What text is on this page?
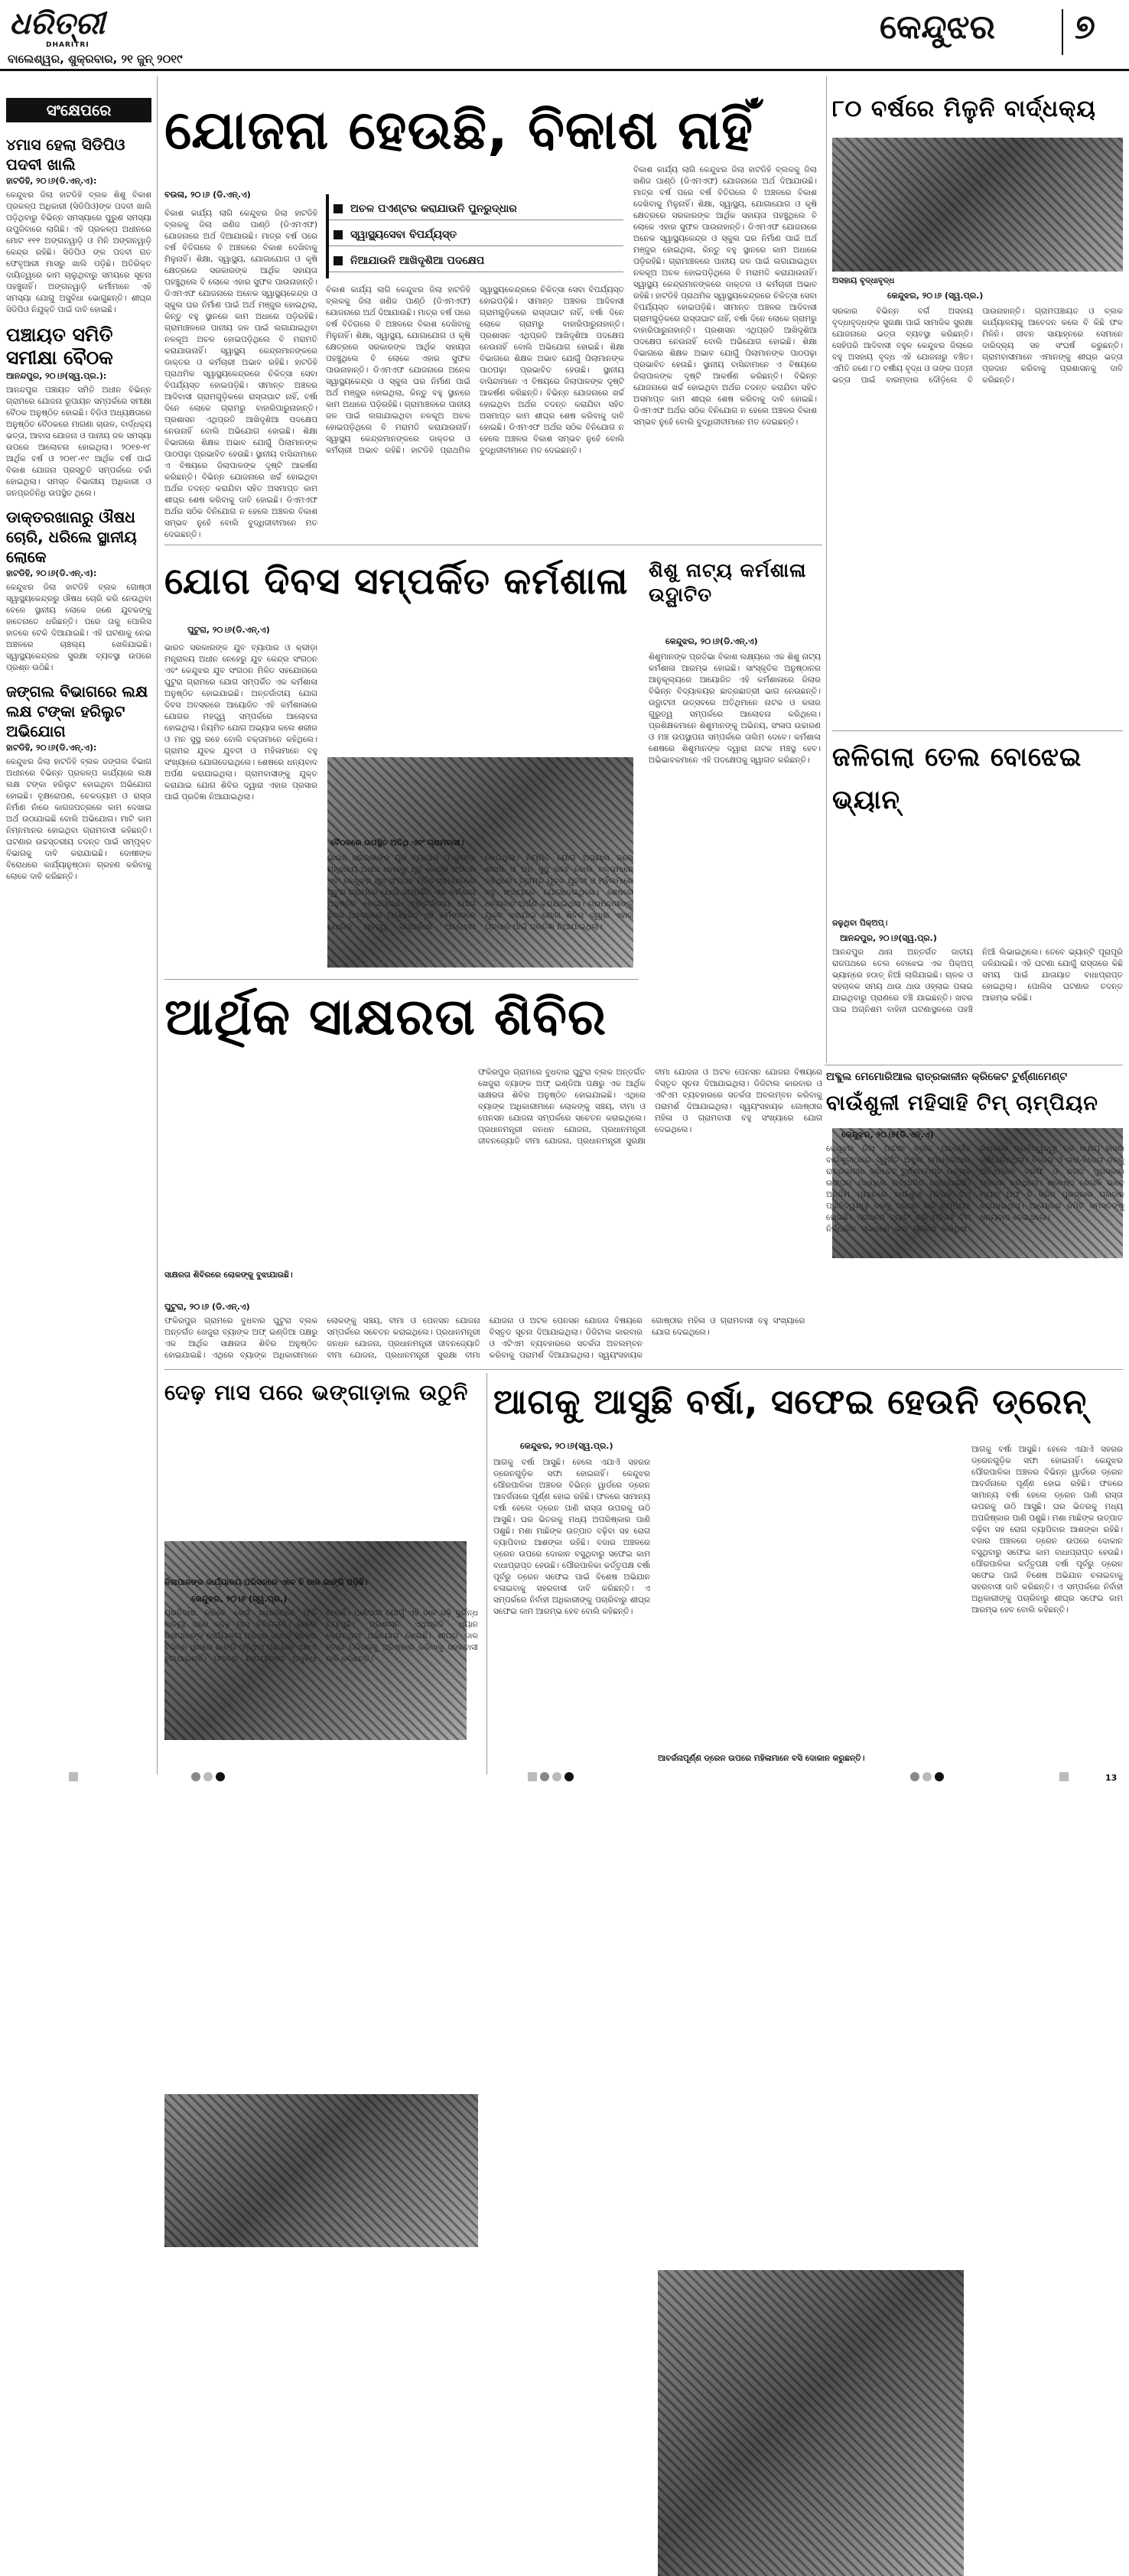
ଧରିତ୍ରୀ
DHARITRI
ବାଲେଶ୍ୱର, ଶୁକ୍ରବାର, ୨୧ ଜୁନ୍ ୨୦୧୯
କେନ୍ଦୁଝର ୭
ସଂକ୍ଷେପରେ
୪ମାସ ହେଲା ସିଡିପିଓ ପଦବୀ ଖାଲି
ହାଟଡିହି, ୨୦।୬(ଡି.ଏନ୍.ଏ):

କେନ୍ଦୁଝର ଜିଲା ହାଟଡିହି ବ୍ଲକ ଶିଶୁ ବିକାଶ ପ୍ରକଳ୍ପ ଅଧିକାରୀ (ସିଡିପିଓ)ଙ୍କ ପଦବୀ ଖାଲି ପଡ଼ିଥିବାରୁ ବିଭିନ୍ନ ସମସ୍ୟାରେ ପୁରୁଣ ସମସ୍ୟା ଉପୁଜିବାରେ ଲାଗିଛି। ଏହି ପ୍ରକଳ୍ପ ଅଧୀନରେ ମୋଟ ୧୧୧ ଅଙ୍ଗନୱାଡ଼ି ଓ ମିନି ଅଙ୍ଗନୱାଡ଼ି କେନ୍ଦ୍ର ରହିଛି। ସିଡିପିଓ ଙ୍କ ପଦବୀ ଗତ ଫେବୃଆରୀ ମାସରୁ ଖାଲି ପଡ଼ିଛି। ଅତିରିକ୍ତ ଦାୟିତ୍ୱରେ କାମ ଚାଲୁଥିବାରୁ ସମୟରେ ସୂଚନା ପହଞ୍ଚୁନାହିଁ। ଅଙ୍ଗନୱାଡ଼ି କର୍ମୀମାନେ ଏହି ସମସ୍ୟା ଯୋଗୁ ଅସୁବିଧା ଭୋଗୁଛନ୍ତି। ଶୀଘ୍ର ସିଡିପିଓ ନିଯୁକ୍ତି ପାଇଁ ଦାବି ହୋଇଛି।

ପଞ୍ଚାୟତ ସମିତି ସମୀକ୍ଷା ବୈଠକ
ଆନନ୍ଦପୁର, ୨୦।୬(ସ୍ୱ.ପ୍ର.):

ଆନନ୍ଦପୁର ପଞ୍ଚାୟତ ସମିତି ଅଧୀନ ବିଭିନ୍ନ ଗ୍ରାମରେ ଯୋଜନା ରୂପାୟନ ସମ୍ପର୍କରେ ସମୀକ୍ଷା ବୈଠକ ଅନୁଷ୍ଠିତ ହୋଇଛି। ବିଡିଓ ଅଧ୍ୟକ୍ଷତାରେ ଅନୁଷ୍ଠିତ ବୈଠକରେ ମାଗଣା ଚାଉଳ, ବାର୍ଦ୍ଧକ୍ୟ ଭତ୍ତା, ଆବାସ ଯୋଜନା ଓ ପାନୀୟ ଜଳ ସମସ୍ୟା ଉପରେ ଆଲୋଚନା ହୋଇଥିଲା। ୨୦୧୭-୧୮ ଆର୍ଥିକ ବର୍ଷ ଓ ୨୦୧୮-୧୯ ଆର୍ଥିକ ବର୍ଷ ପାଇଁ ବିକାଶ ଯୋଜନା ପ୍ରସ୍ତୁତି ସମ୍ପର୍କରେ ଚର୍ଚ୍ଚା ହୋଇଥିଲା। ସମସ୍ତ ବିଭାଗୀୟ ଅଧିକାରୀ ଓ ଜନପ୍ରତିନିଧି ଉପସ୍ଥିତ ଥିଲେ।

ଡାକ୍ତରଖାନାରୁ ଔଷଧ ଚୋରି, ଧରିଲେ ସ୍ଥାନୀୟ ଲୋକେ
ହାଟଡିହି, ୨୦।୬(ଡି.ଏନ୍.ଏ):

କେନ୍ଦୁଝର ଜିଲା ହାଟଡିହି ବ୍ଲକ ଗୋଷ୍ଠୀ ସ୍ୱାସ୍ଥ୍ୟକେନ୍ଦ୍ରରୁ ଔଷଧ ଚୋରି କରି ନେଉଥିବା ବେଳେ ସ୍ଥାନୀୟ ଲୋକେ ଜଣେ ଯୁବକଙ୍କୁ ହାତେନାତେ ଧରିଛନ୍ତି। ପରେ ତାକୁ ପୋଲିସ ହାତରେ ଟେକି ଦିଆଯାଇଛି। ଏହି ଘଟଣାକୁ ନେଇ ଅଞ୍ଚଳରେ ଚାଞ୍ଚଲ୍ୟ ଖେଳିଯାଇଛି। ସ୍ୱାସ୍ଥ୍ୟକେନ୍ଦ୍ରର ସୁରକ୍ଷା ବ୍ୟବସ୍ଥା ଉପରେ ପ୍ରଶ୍ନ ଉଠିଛି।

ଜଙ୍ଗଲ ବିଭାଗରେ ଲକ୍ଷ ଲକ୍ଷ ଟଙ୍କା ହରିଲୁଟ ଅଭିଯୋଗ
ହାଟଡିହି, ୨୦।୬(ଡି.ଏନ୍.ଏ):

କେନ୍ଦୁଝର ଜିଲା ହାଟଡିହି ବ୍ଲକ ଜଙ୍ଗଲ ବିଭାଗ ଅଧୀନରେ ବିଭିନ୍ନ ପ୍ରକଳ୍ପ କାର୍ଯ୍ୟରେ ଲକ୍ଷ ଲକ୍ଷ ଟଙ୍କା ହରିଲୁଟ ହୋଇଥିବା ଅଭିଯୋଗ ହୋଇଛି। ବୃକ୍ଷରୋପଣ, ଚେକଡ୍ୟାମ ଓ ରାସ୍ତା ନିର୍ମାଣ ନାଁରେ କାଗଜପତ୍ରରେ କାମ ଦେଖାଇ ଅର୍ଥ ଉଠାଯାଇଛି ବୋଲି ଅଭିଯୋଗ। ମାଟି କାମ ନିମ୍ନମାନର ହୋଇଥିବା ଗ୍ରାମବାସୀ କହିଛନ୍ତି। ଘଟଣାର ଉଚ୍ଚସ୍ତରୀୟ ତଦନ୍ତ ପାଇଁ ସମ୍ପୃକ୍ତ ବିଭାଗକୁ ଦାବି କରାଯାଇଛି। ଦୋଷୀଙ୍କ ବିରୋଧରେ କାର୍ଯ୍ୟାନୁଷ୍ଠାନ ଗ୍ରହଣ କରିବାକୁ ଲୋକେ ଦାବି କରିଛନ୍ତି।

ଯୋଜନା ହେଉଛି, ବିକାଶ ନାହିଁ
ବଉଳା, ୨୦।୬ (ଡି.ଏନ୍.ଏ)
ଅଚଳ ପଏଣ୍ଟର କରାଯାଉନି ପୁନରୁଦ୍ଧାର
ସ୍ୱାସ୍ଥ୍ୟସେବା ବିପର୍ଯ୍ୟସ୍ତ
ନିଆଯାଉନି ଆଖିଦୃଶିଆ ପଦକ୍ଷେପ
ବିକାଶ କାର୍ଯ୍ୟ ଲାଗି କେନ୍ଦୁଝର ଜିଲା ହାଟଡିହି ବ୍ଲକକୁ ଜିଲା ଖଣିଜ ପାଣ୍ଠି (ଡିଏମଏଫ) ଯୋଜନାରେ ଅର୍ଥ ଦିଆଯାଉଛି। ମାତ୍ର ବର୍ଷ ପରେ ବର୍ଷ ବିତିଗଲେ ବି ଅଞ୍ଚଳରେ ବିକାଶ ଦେଖିବାକୁ ମିଳୁନାହିଁ। ଶିକ୍ଷା, ସ୍ୱାସ୍ଥ୍ୟ, ଯୋଗାଯୋଗ ଓ କୃଷି କ୍ଷେତ୍ରରେ ସରକାରଙ୍କ ଆର୍ଥିକ ସହାୟତା ପହଞ୍ଚୁଥିଲେ ବି ଲୋକେ ଏହାର ସୁଫଳ ପାଉନାହାନ୍ତି। ଡିଏମଏଫ ଯୋଜନାରେ ଅନେକ ସ୍ୱାସ୍ଥ୍ୟକେନ୍ଦ୍ର ଓ ସ୍କୁଲ ଘର ନିର୍ମାଣ ପାଇଁ ଅର୍ଥ ମଞ୍ଜୁର ହୋଇଥିଲା, କିନ୍ତୁ ବହୁ ସ୍ଥାନରେ କାମ ଅଧାରେ ପଡ଼ିରହିଛି। ଗ୍ରାମାଞ୍ଚଳରେ ପାନୀୟ ଜଳ ପାଇଁ ଲଗାଯାଇଥିବା ନଳକୂଅ ଅଚଳ ହୋଇପଡ଼ିଥିଲେ ବି ମରାମତି କରାଯାଉନାହିଁ। ସ୍ୱାସ୍ଥ୍ୟ କେନ୍ଦ୍ରମାନଙ୍କରେ ଡାକ୍ତର ଓ କର୍ମଚାରୀ ଅଭାବ ରହିଛି। ହାଟଡିହି ପ୍ରାଥମିକ ସ୍ୱାସ୍ଥ୍ୟକେନ୍ଦ୍ରରେ ଚିକିତ୍ସା ସେବା ବିପର୍ଯ୍ୟସ୍ତ ହୋଇପଡ଼ିଛି। ସୀମାନ୍ତ ଅଞ୍ଚଳର ଆଦିବାସୀ ଗ୍ରାମଗୁଡ଼ିକରେ ରାସ୍ତାଘାଟ ନାହିଁ, ବର୍ଷା ଦିନେ ଲୋକେ ଗ୍ରାମରୁ ବାହାରିପାରୁନାହାନ୍ତି। ପ୍ରଶାସନ ଏଥିପ୍ରତି ଆଖିଦୃଶିଆ ପଦକ୍ଷେପ ନେଉନାହିଁ ବୋଲି ଅଭିଯୋଗ ହୋଇଛି। ଶିକ୍ଷା ବିଭାଗରେ ଶିକ୍ଷକ ଅଭାବ ଯୋଗୁଁ ପିଲାମାନଙ୍କ ପାଠପଢ଼ା ପ୍ରଭାବିତ ହେଉଛି। ସ୍ଥାନୀୟ ବାସିନ୍ଦାମାନେ ଏ ବିଷୟରେ ଜିଲାପାଳଙ୍କ ଦୃଷ୍ଟି ଆକର୍ଷଣ କରିଛନ୍ତି। ବିଭିନ୍ନ ଯୋଜନାରେ ଖର୍ଚ୍ଚ ହୋଇଥିବା ଅର୍ଥର ତଦନ୍ତ କରାଯିବା ସହିତ ଅସମାପ୍ତ କାମ ଶୀଘ୍ର ଶେଷ କରିବାକୁ ଦାବି ହୋଇଛି। ଡିଏମଏଫ ଅର୍ଥର ସଠିକ ବିନିଯୋଗ ନ ହେଲେ ଅଞ୍ଚଳର ବିକାଶ ସମ୍ଭବ ନୁହେଁ ବୋଲି ବୁଦ୍ଧିଜୀବୀମାନେ ମତ ଦେଇଛନ୍ତି।
ବିକାଶ କାର୍ଯ୍ୟ ଲାଗି କେନ୍ଦୁଝର ଜିଲା ହାଟଡିହି ବ୍ଲକକୁ ଜିଲା ଖଣିଜ ପାଣ୍ଠି (ଡିଏମଏଫ) ଯୋଜନାରେ ଅର୍ଥ ଦିଆଯାଉଛି। ମାତ୍ର ବର୍ଷ ପରେ ବର୍ଷ ବିତିଗଲେ ବି ଅଞ୍ଚଳରେ ବିକାଶ ଦେଖିବାକୁ ମିଳୁନାହିଁ। ଶିକ୍ଷା, ସ୍ୱାସ୍ଥ୍ୟ, ଯୋଗାଯୋଗ ଓ କୃଷି କ୍ଷେତ୍ରରେ ସରକାରଙ୍କ ଆର୍ଥିକ ସହାୟତା ପହଞ୍ଚୁଥିଲେ ବି ଲୋକେ ଏହାର ସୁଫଳ ପାଉନାହାନ୍ତି। ଡିଏମଏଫ ଯୋଜନାରେ ଅନେକ ସ୍ୱାସ୍ଥ୍ୟକେନ୍ଦ୍ର ଓ ସ୍କୁଲ ଘର ନିର୍ମାଣ ପାଇଁ ଅର୍ଥ ମଞ୍ଜୁର ହୋଇଥିଲା, କିନ୍ତୁ ବହୁ ସ୍ଥାନରେ କାମ ଅଧାରେ ପଡ଼ିରହିଛି। ଗ୍ରାମାଞ୍ଚଳରେ ପାନୀୟ ଜଳ ପାଇଁ ଲଗାଯାଇଥିବା ନଳକୂଅ ଅଚଳ ହୋଇପଡ଼ିଥିଲେ ବି ମରାମତି କରାଯାଉନାହିଁ। ସ୍ୱାସ୍ଥ୍ୟ କେନ୍ଦ୍ରମାନଙ୍କରେ ଡାକ୍ତର ଓ କର୍ମଚାରୀ ଅଭାବ ରହିଛି। ହାଟଡିହି ପ୍ରାଥମିକ ସ୍ୱାସ୍ଥ୍ୟକେନ୍ଦ୍ରରେ ଚିକିତ୍ସା ସେବା ବିପର୍ଯ୍ୟସ୍ତ ହୋଇପଡ଼ିଛି। ସୀମାନ୍ତ ଅଞ୍ଚଳର ଆଦିବାସୀ ଗ୍ରାମଗୁଡ଼ିକରେ ରାସ୍ତାଘାଟ ନାହିଁ, ବର୍ଷା ଦିନେ ଲୋକେ ଗ୍ରାମରୁ ବାହାରିପାରୁନାହାନ୍ତି। ପ୍ରଶାସନ ଏଥିପ୍ରତି ଆଖିଦୃଶିଆ ପଦକ୍ଷେପ ନେଉନାହିଁ ବୋଲି ଅଭିଯୋଗ ହୋଇଛି। ଶିକ୍ଷା ବିଭାଗରେ ଶିକ୍ଷକ ଅଭାବ ଯୋଗୁଁ ପିଲାମାନଙ୍କ ପାଠପଢ଼ା ପ୍ରଭାବିତ ହେଉଛି। ସ୍ଥାନୀୟ ବାସିନ୍ଦାମାନେ ଏ ବିଷୟରେ ଜିଲାପାଳଙ୍କ ଦୃଷ୍ଟି ଆକର୍ଷଣ କରିଛନ୍ତି। ବିଭିନ୍ନ ଯୋଜନାରେ ଖର୍ଚ୍ଚ ହୋଇଥିବା ଅର୍ଥର ତଦନ୍ତ କରାଯିବା ସହିତ ଅସମାପ୍ତ କାମ ଶୀଘ୍ର ଶେଷ କରିବାକୁ ଦାବି ହୋଇଛି। ଡିଏମଏଫ ଅର୍ଥର ସଠିକ ବିନିଯୋଗ ନ ହେଲେ ଅଞ୍ଚଳର ବିକାଶ ସମ୍ଭବ ନୁହେଁ ବୋଲି ବୁଦ୍ଧିଜୀବୀମାନେ ମତ ଦେଇଛନ୍ତି।
ବିକାଶ କାର୍ଯ୍ୟ ଲାଗି କେନ୍ଦୁଝର ଜିଲା ହାଟଡିହି ବ୍ଲକକୁ ଜିଲା ଖଣିଜ ପାଣ୍ଠି (ଡିଏମଏଫ) ଯୋଜନାରେ ଅର୍ଥ ଦିଆଯାଉଛି। ମାତ୍ର ବର୍ଷ ପରେ ବର୍ଷ ବିତିଗଲେ ବି ଅଞ୍ଚଳରେ ବିକାଶ ଦେଖିବାକୁ ମିଳୁନାହିଁ। ଶିକ୍ଷା, ସ୍ୱାସ୍ଥ୍ୟ, ଯୋଗାଯୋଗ ଓ କୃଷି କ୍ଷେତ୍ରରେ ସରକାରଙ୍କ ଆର୍ଥିକ ସହାୟତା ପହଞ୍ଚୁଥିଲେ ବି ଲୋକେ ଏହାର ସୁଫଳ ପାଉନାହାନ୍ତି। ଡିଏମଏଫ ଯୋଜନାରେ ଅନେକ ସ୍ୱାସ୍ଥ୍ୟକେନ୍ଦ୍ର ଓ ସ୍କୁଲ ଘର ନିର୍ମାଣ ପାଇଁ ଅର୍ଥ ମଞ୍ଜୁର ହୋଇଥିଲା, କିନ୍ତୁ ବହୁ ସ୍ଥାନରେ କାମ ଅଧାରେ ପଡ଼ିରହିଛି। ଗ୍ରାମାଞ୍ଚଳରେ ପାନୀୟ ଜଳ ପାଇଁ ଲଗାଯାଇଥିବା ନଳକୂଅ ଅଚଳ ହୋଇପଡ଼ିଥିଲେ ବି ମରାମତି କରାଯାଉନାହିଁ। ସ୍ୱାସ୍ଥ୍ୟ କେନ୍ଦ୍ରମାନଙ୍କରେ ଡାକ୍ତର ଓ କର୍ମଚାରୀ ଅଭାବ ରହିଛି। ହାଟଡିହି ପ୍ରାଥମିକ ସ୍ୱାସ୍ଥ୍ୟକେନ୍ଦ୍ରରେ ଚିକିତ୍ସା ସେବା ବିପର୍ଯ୍ୟସ୍ତ ହୋଇପଡ଼ିଛି। ସୀମାନ୍ତ ଅଞ୍ଚଳର ଆଦିବାସୀ ଗ୍ରାମଗୁଡ଼ିକରେ ରାସ୍ତାଘାଟ ନାହିଁ, ବର୍ଷା ଦିନେ ଲୋକେ ଗ୍ରାମରୁ ବାହାରିପାରୁନାହାନ୍ତି। ପ୍ରଶାସନ ଏଥିପ୍ରତି ଆଖିଦୃଶିଆ ପଦକ୍ଷେପ ନେଉନାହିଁ ବୋଲି ଅଭିଯୋଗ ହୋଇଛି। ଶିକ୍ଷା ବିଭାଗରେ ଶିକ୍ଷକ ଅଭାବ ଯୋଗୁଁ ପିଲାମାନଙ୍କ ପାଠପଢ଼ା ପ୍ରଭାବିତ ହେଉଛି। ସ୍ଥାନୀୟ ବାସିନ୍ଦାମାନେ ଏ ବିଷୟରେ ଜିଲାପାଳଙ୍କ ଦୃଷ୍ଟି ଆକର୍ଷଣ କରିଛନ୍ତି। ବିଭିନ୍ନ ଯୋଜନାରେ ଖର୍ଚ୍ଚ ହୋଇଥିବା ଅର୍ଥର ତଦନ୍ତ କରାଯିବା ସହିତ ଅସମାପ୍ତ କାମ ଶୀଘ୍ର ଶେଷ କରିବାକୁ ଦାବି ହୋଇଛି। ଡିଏମଏଫ ଅର୍ଥର ସଠିକ ବିନିଯୋଗ ନ ହେଲେ ଅଞ୍ଚଳର ବିକାଶ ସମ୍ଭବ ନୁହେଁ ବୋଲି ବୁଦ୍ଧିଜୀବୀମାନେ ମତ ଦେଇଛନ୍ତି।
୮୦ ବର୍ଷରେ ମିଳୁନି ବାର୍ଦ୍ଧକ୍ୟ
ଅସହାୟ ବୃଦ୍ଧାବୃଦ୍ଧ
କେନ୍ଦୁଝର, ୨୦।୬ (ସ୍ୱ.ପ୍ର.)
ସରକାର ବିଭିନ୍ନ ବର୍ଗ ଅସହାୟ ବୃଦ୍ଧାବୃଦ୍ଧଙ୍କ ସୁରକ୍ଷା ପାଇଁ ସାମାଜିକ ସୁରକ୍ଷା ଯୋଜନାରେ ଭତ୍ତା ବ୍ୟବସ୍ଥା କରିଛନ୍ତି। ସେହିପରି ଆଦିବାସୀ ବହୁଳ କେନ୍ଦୁଝର ଜିଲାରେ ବହୁ ଅସହାୟ ବୃଦ୍ଧ ଏହି ଯୋଜନାରୁ ବଞ୍ଚିତ। ଏମିତି ଜଣେ ୮୦ ବର୍ଷୀୟ ବୃଦ୍ଧ ଓ ତାଙ୍କ ପତ୍ନୀ ଭତ୍ତା ପାଇଁ ବାରମ୍ବାର ଦୌଡ଼ିଲେ ବି ପାଉନାହାନ୍ତି। ଗ୍ରାମପଞ୍ଚାୟତ ଓ ବ୍ଲକ କାର୍ଯ୍ୟାଳୟକୁ ଆବେଦନ କଲେ ବି କିଛି ଫଳ ମିଳିନି। ଜୀବନ ସାୟାହ୍ନରେ ସେମାନେ ଦାରିଦ୍ର୍ୟ ସହ ସଂଘର୍ଷ କରୁଛନ୍ତି। ଗ୍ରାମବାସୀମାନେ ଏମାନଙ୍କୁ ଶୀଘ୍ର ଭତ୍ତା ପ୍ରଦାନ କରିବାକୁ ପ୍ରଶାସନକୁ ଦାବି କରିଛନ୍ତି।
ଯୋଗ ଦିବସ ସମ୍ପର୍କିତ କର୍ମଶାଳା
ଘୁଟୁରା, ୨୦।୬(ଡି.ଏନ୍.ଏ)
ଭାରତ ସରକାରଙ୍କ ଯୁବ ବ୍ୟାପାର ଓ କ୍ରୀଡ଼ା ମନ୍ତ୍ରାଳୟ ଅଧୀନ ନେହେରୁ ଯୁବ କେନ୍ଦ୍ର ସଂଗଠନ ଏବଂ କେନ୍ଦୁଝର ଯୁବ ସଂଗଠନ ମିଳିତ ସହଯୋଗରେ ଘୁଟୁରା ଗ୍ରାମରେ ଯୋଗ ସମ୍ପର୍କିତ ଏକ କର୍ମଶାଳା ଅନୁଷ୍ଠିତ ହୋଇଯାଇଛି। ଅନ୍ତର୍ଜାତୀୟ ଯୋଗ ଦିବସ ଅବସରରେ ଆୟୋଜିତ ଏହି କର୍ମଶାଳାରେ ଯୋଗର ମହତ୍ତ୍ୱ ସମ୍ପର୍କରେ ଆଲୋଚନା ହୋଇଥିଲା। ନିୟମିତ ଯୋଗ ଅଭ୍ୟାସ କଲେ ଶରୀର ଓ ମନ ସୁସ୍ଥ ରହେ ବୋଲି ବକ୍ତାମାନେ କହିଥିଲେ। ଗ୍ରାମର ଯୁବକ ଯୁବତୀ ଓ ମହିଳାମାନେ ବହୁ ସଂଖ୍ୟାରେ ଯୋଗଦେଇଥିଲେ। ଶେଷରେ ଧନ୍ୟବାଦ ଅର୍ପଣ କରାଯାଇଥିଲା। ଗ୍ରାମବାସୀଙ୍କୁ ଯୁକ୍ତ କରାଯାଇ ଯୋଗ ଶିବିର ଦ୍ୱାରା ଏହାର ପ୍ରସାର ପାଇଁ ପ୍ରତିଜ୍ଞା ନିଆଯାଇଥିଲା।
ବୈଠକରେ ଉପସ୍ଥିତ ଅତିଥି ଏବଂ ଗ୍ରାମବାସୀ।
ଭାରତ ସରକାରଙ୍କ ଯୁବ ବ୍ୟାପାର ଓ କ୍ରୀଡ଼ା ମନ୍ତ୍ରାଳୟ ଅଧୀନ ନେହେରୁ ଯୁବ କେନ୍ଦ୍ର ସଂଗଠନ ଏବଂ କେନ୍ଦୁଝର ଯୁବ ସଂଗଠନ ମିଳିତ ସହଯୋଗରେ ଘୁଟୁରା ଗ୍ରାମରେ ଯୋଗ ସମ୍ପର୍କିତ ଏକ କର୍ମଶାଳା ଅନୁଷ୍ଠିତ ହୋଇଯାଇଛି। ଅନ୍ତର୍ଜାତୀୟ ଯୋଗ ଦିବସ ଅବସରରେ ଆୟୋଜିତ ଏହି କର୍ମଶାଳାରେ ଯୋଗର ମହତ୍ତ୍ୱ ସମ୍ପର୍କରେ ଆଲୋଚନା ହୋଇଥିଲା। ନିୟମିତ ଯୋଗ ଅଭ୍ୟାସ କଲେ ଶରୀର ଓ ମନ ସୁସ୍ଥ ରହେ ବୋଲି ବକ୍ତାମାନେ କହିଥିଲେ। ଗ୍ରାମର ଯୁବକ ଯୁବତୀ ଓ ମହିଳାମାନେ ବହୁ ସଂଖ୍ୟାରେ ଯୋଗଦେଇଥିଲେ। ଶେଷରେ ଧନ୍ୟବାଦ ଅର୍ପଣ କରାଯାଇଥିଲା। ଗ୍ରାମବାସୀଙ୍କୁ ଯୁକ୍ତ କରାଯାଇ ଯୋଗ ଶିବିର ଦ୍ୱାରା ଏହାର ପ୍ରସାର ପାଇଁ ପ୍ରତିଜ୍ଞା ନିଆଯାଇଥିଲା।
ଶିଶୁ ନାଟ୍ୟ କର୍ମଶାଳା ଉଦ୍ଘାଟିତ
କେନ୍ଦୁଝର, ୨୦।୬(ଡି.ଏନ୍.ଏ)
ଶିଶୁମାନଙ୍କ ପ୍ରତିଭା ବିକାଶ ଲକ୍ଷ୍ୟରେ ଏକ ଶିଶୁ ନାଟ୍ୟ କର୍ମଶାଳା ଆରମ୍ଭ ହୋଇଛି। ସାଂସ୍କୃତିକ ଅନୁଷ୍ଠାନର ଆନୁକୂଲ୍ୟରେ ଆୟୋଜିତ ଏହି କର୍ମଶାଳାରେ ଜିଲାର ବିଭିନ୍ନ ବିଦ୍ୟାଳୟର ଛାତ୍ରଛାତ୍ରୀ ଭାଗ ନେଉଛନ୍ତି। ଉଦ୍ଘାଟନୀ ଉତ୍ସବରେ ଅତିଥିମାନେ ନାଟକ ଓ କଳାର ଗୁରୁତ୍ୱ ସମ୍ପର୍କରେ ଆଲୋଚନା କରିଥିଲେ। ପ୍ରଶିକ୍ଷକମାନେ ଶିଶୁମାନଙ୍କୁ ଅଭିନୟ, ସଂଳାପ ଉଚ୍ଚାରଣ ଓ ମଞ୍ଚ ଉପସ୍ଥାପନା ସମ୍ପର୍କରେ ତାଲିମ ଦେବେ। କର୍ମଶାଳା ଶେଷରେ ଶିଶୁମାନଙ୍କ ଦ୍ୱାରା ନାଟକ ମଞ୍ଚସ୍ଥ ହେବ। ଅଭିଭାବକମାନେ ଏହି ପଦକ୍ଷେପକୁ ସ୍ୱାଗତ କରିଛନ୍ତି। ଜଳିଗଲା ତେଲ ବୋଝେଇ ଭ୍ୟାନ୍
ଜଳୁଥିବା ପିକ୍ଅପ୍।
ଆନନ୍ଦପୁର, ୨୦।୬(ସ୍ୱ.ପ୍ର.)
ଆନନ୍ଦପୁର ଥାନା ଅନ୍ତର୍ଗତ ଜାତୀୟ ରାଜପଥରେ ତେଲ ବୋଝେଇ ଏକ ପିକ୍ଅପ୍ ଭ୍ୟାନ୍ରେ ହଠାତ୍ ନିଆଁ ଲାଗିଯାଇଛି। ଚାଳକ ଓ ସହଚାଳକ ସମୟ ଥାଉ ଥାଉ ଓହ୍ଲାଇ ପଳାଇ ଯାଇଥିବାରୁ ପ୍ରାଣରେ ବଞ୍ଚି ଯାଇଛନ୍ତି। ଖବର ପାଇ ଅଗ୍ନିଶମ ବାହିନୀ ଘଟଣାସ୍ଥଳରେ ପହଞ୍ଚି ନିଆଁ ଲିଭାଇଥିଲେ। ତେବେ ଭ୍ୟାନ୍ଟି ପୂରାପୂରି ଜଳିଯାଇଛି। ଏହି ଘଟଣା ଯୋଗୁଁ ରାସ୍ତାରେ କିଛି ସମୟ ପାଇଁ ଯାତାୟାତ ବାଧାପ୍ରାପ୍ତ ହୋଇଥିଲା। ପୋଲିସ ଘଟଣାର ତଦନ୍ତ ଆରମ୍ଭ କରିଛି।
ଆର୍ଥିକ ସାକ୍ଷରତା ଶିବିର
ସାକ୍ଷରତା ଶିବିରରେ ଲୋକଙ୍କୁ ବୁଝାଯାଉଛି।
ଘୁଟୁରା, ୨୦।୬ (ଡି.ଏନ୍.ଏ)
ଫକିରପୁର ଗ୍ରାମରେ ବୁଧବାର ଘୁଟୁରା ବ୍ଲକ ଅନ୍ତର୍ଗତ ଖେଜୁରା ବ୍ୟାଙ୍କ ଅଫ୍ ଇଣ୍ଡିଆ ପକ୍ଷରୁ ଏକ ଆର୍ଥିକ ସାକ୍ଷରତା ଶିବିର ଅନୁଷ୍ଠିତ ହୋଇଯାଇଛି। ଏଥିରେ ବ୍ୟାଙ୍କ ଅଧିକାରୀମାନେ ଲୋକଙ୍କୁ ସଞ୍ଚୟ, ବୀମା ଓ ପେନସନ ଯୋଜନା ସମ୍ପର୍କରେ ସଚେତନ କରାଇଥିଲେ। ପ୍ରଧାନମନ୍ତ୍ରୀ ଜନଧନ ଯୋଜନା, ପ୍ରଧାନମନ୍ତ୍ରୀ ଜୀବନଜ୍ୟୋତି ବୀମା ଯୋଜନା, ପ୍ରଧାନମନ୍ତ୍ରୀ ସୁରକ୍ଷା ବୀମା ଯୋଜନା ଓ ଅଟଳ ପେନସନ ଯୋଜନା ବିଷୟରେ ବିସ୍ତୃତ ସୂଚନା ଦିଆଯାଇଥିଲା। ଡିଜିଟାଲ କାରବାର ଓ ଏଟିଏମ ବ୍ୟବହାରରେ ସତର୍କତା ଅବଲମ୍ବନ କରିବାକୁ ପରାମର୍ଶ ଦିଆଯାଇଥିଲା। ସ୍ୱୟଂସହାୟକ ଗୋଷ୍ଠୀର ମହିଳା ଓ ଗ୍ରାମବାସୀ ବହୁ ସଂଖ୍ୟାରେ ଯୋଗ ଦେଇଥିଲେ।
ଫକିରପୁର ଗ୍ରାମରେ ବୁଧବାର ଘୁଟୁରା ବ୍ଲକ ଅନ୍ତର୍ଗତ ଖେଜୁରା ବ୍ୟାଙ୍କ ଅଫ୍ ଇଣ୍ଡିଆ ପକ୍ଷରୁ ଏକ ଆର୍ଥିକ ସାକ୍ଷରତା ଶିବିର ଅନୁଷ୍ଠିତ ହୋଇଯାଇଛି। ଏଥିରେ ବ୍ୟାଙ୍କ ଅଧିକାରୀମାନେ ଲୋକଙ୍କୁ ସଞ୍ଚୟ, ବୀମା ଓ ପେନସନ ଯୋଜନା ସମ୍ପର୍କରେ ସଚେତନ କରାଇଥିଲେ। ପ୍ରଧାନମନ୍ତ୍ରୀ ଜନଧନ ଯୋଜନା, ପ୍ରଧାନମନ୍ତ୍ରୀ ଜୀବନଜ୍ୟୋତି ବୀମା ଯୋଜନା, ପ୍ରଧାନମନ୍ତ୍ରୀ ସୁରକ୍ଷା ବୀମା ଯୋଜନା ଓ ଅଟଳ ପେନସନ ଯୋଜନା ବିଷୟରେ ବିସ୍ତୃତ ସୂଚନା ଦିଆଯାଇଥିଲା। ଡିଜିଟାଲ କାରବାର ଓ ଏଟିଏମ ବ୍ୟବହାରରେ ସତର୍କତା ଅବଲମ୍ବନ କରିବାକୁ ପରାମର୍ଶ ଦିଆଯାଇଥିଲା। ସ୍ୱୟଂସହାୟକ ଗୋଷ୍ଠୀର ମହିଳା ଓ ଗ୍ରାମବାସୀ ବହୁ ସଂଖ୍ୟାରେ ଯୋଗ ଦେଇଥିଲେ।
ଅବ୍ଦୁଲ ମେମୋରିଆଲ ରାତ୍ରକାଳୀନ କ୍ରିକେଟ ଟୁର୍ଣ୍ଣାମେଣ୍ଟ
ବାଉଁଶୁଳୀ ମହିସାହି ଟିମ୍ ଚାମ୍ପିୟନ
କେନ୍ଦୁଝର, ୨୦।୬(ଡି.ଏନ୍.ଏ)
କେନ୍ଦୁଝର ଜିଲା ପାଟଣା ବ୍ଲକ ଅନ୍ତର୍ଗତ ବାଉଁଶୁଳୀଠାରେ ସ୍ୱର୍ଗତ ଅବ୍ଦୁଲ ମେମୋରିଆଲ ରାତ୍ରକାଳୀନ କ୍ରିକେଟ ଟୁର୍ଣ୍ଣାମେଣ୍ଟ ଉତ୍ସାହ ଉଦ୍ଦୀପନା ମଧ୍ୟରେ ଉଦ୍ଯାପିତ ହୋଇଯାଇଛି। ଅନ୍ତିମ ମ୍ୟାଚରେ ବାଉଁଶୁଳୀ ମହିସାହି ଟିମ୍ ପ୍ରତିଦ୍ୱନ୍ଦ୍ୱୀ ଦଳକୁ ପରାସ୍ତ କରି ଚାମ୍ପିୟନ ହୋଇଛି। ପ୍ରଥମେ ବ୍ୟାଟିଂ କରି ମହିସାହି ଟିମ୍ ନିର୍ଦ୍ଧାରିତ ଓଭରରେ ଭଲ ସ୍କୋର କରିଥିଲା। ଜବାବରେ ପ୍ରତିଦ୍ୱନ୍ଦ୍ୱୀ ଦଳ ଲକ୍ଷ୍ୟ ହାସଲ କରିପାରିନଥିଲା। ବିଜେତା ଓ ଉପ-ବିଜେତା ଦଳକୁ ଅତିଥିମାନେ ଟ୍ରଫି ଓ ନଗଦ ପୁରସ୍କାର ପ୍ରଦାନ କରିଥିଲେ। ଶ୍ରେଷ୍ଠ ଖେଳାଳି ଭାବେ ମ୍ୟାନ୍ ଅଫ୍ ଦି ସିରିଜ୍ ପୁରସ୍କାର ପ୍ରଦାନ କରାଯାଇଥିଲା। ଆୟୋଜକ କମିଟି ସମସ୍ତଙ୍କୁ ଧନ୍ୟବାଦ ଦେଇଥିଲେ।
ଦେଢ଼ ମାସ ପରେ ଭଙ୍ଗାଡ଼ାଲ ଉଠୁନି
ଜିଲାପାଳଙ୍କ କାର୍ଯ୍ୟାଳୟ ପରିସରରେ ଏବେ ବି ଡାଳ ଭାଙ୍ଗି ପଡ଼ିଛି।
କେନ୍ଦୁଝର, ୨୦।୬ (ସ୍ୱ.ପ୍ର.)
ପ୍ରତିକାର କରିବେ କେଉଁ ସାଧାରଣରେ ଫନି ବାତ୍ୟା ପରେ ଦେଢ଼ ମାସ ବିତିଗଲାଣି। ହେଲେ ଜିଲାପାଳଙ୍କ କାର୍ଯ୍ୟାଳୟ ପରିସର ସମେତ ସହରର ବିଭିନ୍ନ ସ୍ଥାନରେ ଭାଙ୍ଗି ପଡ଼ିଥିବା ଗଛ ଡାଳ ଏଯାଏଁ ହଟାଯାଇନାହିଁ। ଫଳରେ ଯାତାୟାତରେ ଅସୁବିଧା ହେଉଛି। ପାଣିପାଗ ଯୋଗୁଁ ଏହି ଡାଳ ସଢ଼ି ଦୁର୍ଗନ୍ଧ ବ୍ୟାପୁଛି। ପ୍ରଶାସନ ଏଥିପ୍ରତି ଧ୍ୟାନ ଦେଉନଥିବା ଅଭିଯୋଗ ହୋଇଛି। ଶୀଘ୍ର ଡାଳ ହଟାଇ ପରିସରକୁ ପରିଷ୍କାର କରିବାକୁ ସହରବାସୀ ଦାବି କରିଛନ୍ତି।
ଆଗକୁ ଆସୁଛି ବର୍ଷା, ସଫେଇ ହେଉନି ଡ୍ରେନ୍
କେନ୍ଦୁଝର, ୨୦।୬(ସ୍ୱ.ପ୍ର.)
ଆଗକୁ ବର୍ଷା ଆସୁଛି। ହେଲେ ଏଯାଏଁ ସହରର ଡ୍ରେନଗୁଡ଼ିକ ସଫା ହୋଇନାହିଁ। କେନ୍ଦୁଝର ପୌରପାଳିକା ଅଞ୍ଚଳର ବିଭିନ୍ନ ୱାର୍ଡରେ ଡ୍ରେନ ଆବର୍ଜନାରେ ପୂର୍ଣ୍ଣ ହୋଇ ରହିଛି। ଫଳରେ ସାମାନ୍ୟ ବର୍ଷା ହେଲେ ଡ୍ରେନ ପାଣି ରାସ୍ତା ଉପରକୁ ଉଠି ଆସୁଛି। ଘର ଭିତରକୁ ମଧ୍ୟ ଅପରିଷ୍କାର ପାଣି ପଶୁଛି। ମଶା ମାଛିଙ୍କ ଉତ୍ପାତ ବଢ଼ିବା ସହ ରୋଗ ବ୍ୟାପିବାର ଆଶଙ୍କା ରହିଛି। ବଜାର ଅଞ୍ଚଳରେ ଡ୍ରେନ ଉପରେ ଦୋକାନ ବସୁଥିବାରୁ ସଫେଇ କାମ ବାଧାପ୍ରାପ୍ତ ହେଉଛି। ପୌରପାଳିକା କର୍ତ୍ତୃପକ୍ଷ ବର୍ଷା ପୂର୍ବରୁ ଡ୍ରେନ ସଫେଇ ପାଇଁ ବିଶେଷ ଅଭିଯାନ ଚଳାଇବାକୁ ସହରବାସୀ ଦାବି କରିଛନ୍ତି। ଏ ସମ୍ପର୍କରେ ନିର୍ବାହୀ ଅଧିକାରୀଙ୍କୁ ପଚାରିବାରୁ ଶୀଘ୍ର ସଫେଇ କାମ ଆରମ୍ଭ ହେବ ବୋଲି କହିଛନ୍ତି।
ଆବର୍ଜନାପୂର୍ଣ୍ଣ ଡ୍ରେନ ଉପରେ ମହିଳାମାନେ ବସି ଦୋକାନ କରୁଛନ୍ତି।
ଆଗକୁ ବର୍ଷା ଆସୁଛି। ହେଲେ ଏଯାଏଁ ସହରର ଡ୍ରେନଗୁଡ଼ିକ ସଫା ହୋଇନାହିଁ। କେନ୍ଦୁଝର ପୌରପାଳିକା ଅଞ୍ଚଳର ବିଭିନ୍ନ ୱାର୍ଡରେ ଡ୍ରେନ ଆବର୍ଜନାରେ ପୂର୍ଣ୍ଣ ହୋଇ ରହିଛି। ଫଳରେ ସାମାନ୍ୟ ବର୍ଷା ହେଲେ ଡ୍ରେନ ପାଣି ରାସ୍ତା ଉପରକୁ ଉଠି ଆସୁଛି। ଘର ଭିତରକୁ ମଧ୍ୟ ଅପରିଷ୍କାର ପାଣି ପଶୁଛି। ମଶା ମାଛିଙ୍କ ଉତ୍ପାତ ବଢ଼ିବା ସହ ରୋଗ ବ୍ୟାପିବାର ଆଶଙ୍କା ରହିଛି। ବଜାର ଅଞ୍ଚଳରେ ଡ୍ରେନ ଉପରେ ଦୋକାନ ବସୁଥିବାରୁ ସଫେଇ କାମ ବାଧାପ୍ରାପ୍ତ ହେଉଛି। ପୌରପାଳିକା କର୍ତ୍ତୃପକ୍ଷ ବର୍ଷା ପୂର୍ବରୁ ଡ୍ରେନ ସଫେଇ ପାଇଁ ବିଶେଷ ଅଭିଯାନ ଚଳାଇବାକୁ ସହରବାସୀ ଦାବି କରିଛନ୍ତି। ଏ ସମ୍ପର୍କରେ ନିର୍ବାହୀ ଅଧିକାରୀଙ୍କୁ ପଚାରିବାରୁ ଶୀଘ୍ର ସଫେଇ କାମ ଆରମ୍ଭ ହେବ ବୋଲି କହିଛନ୍ତି।
13
